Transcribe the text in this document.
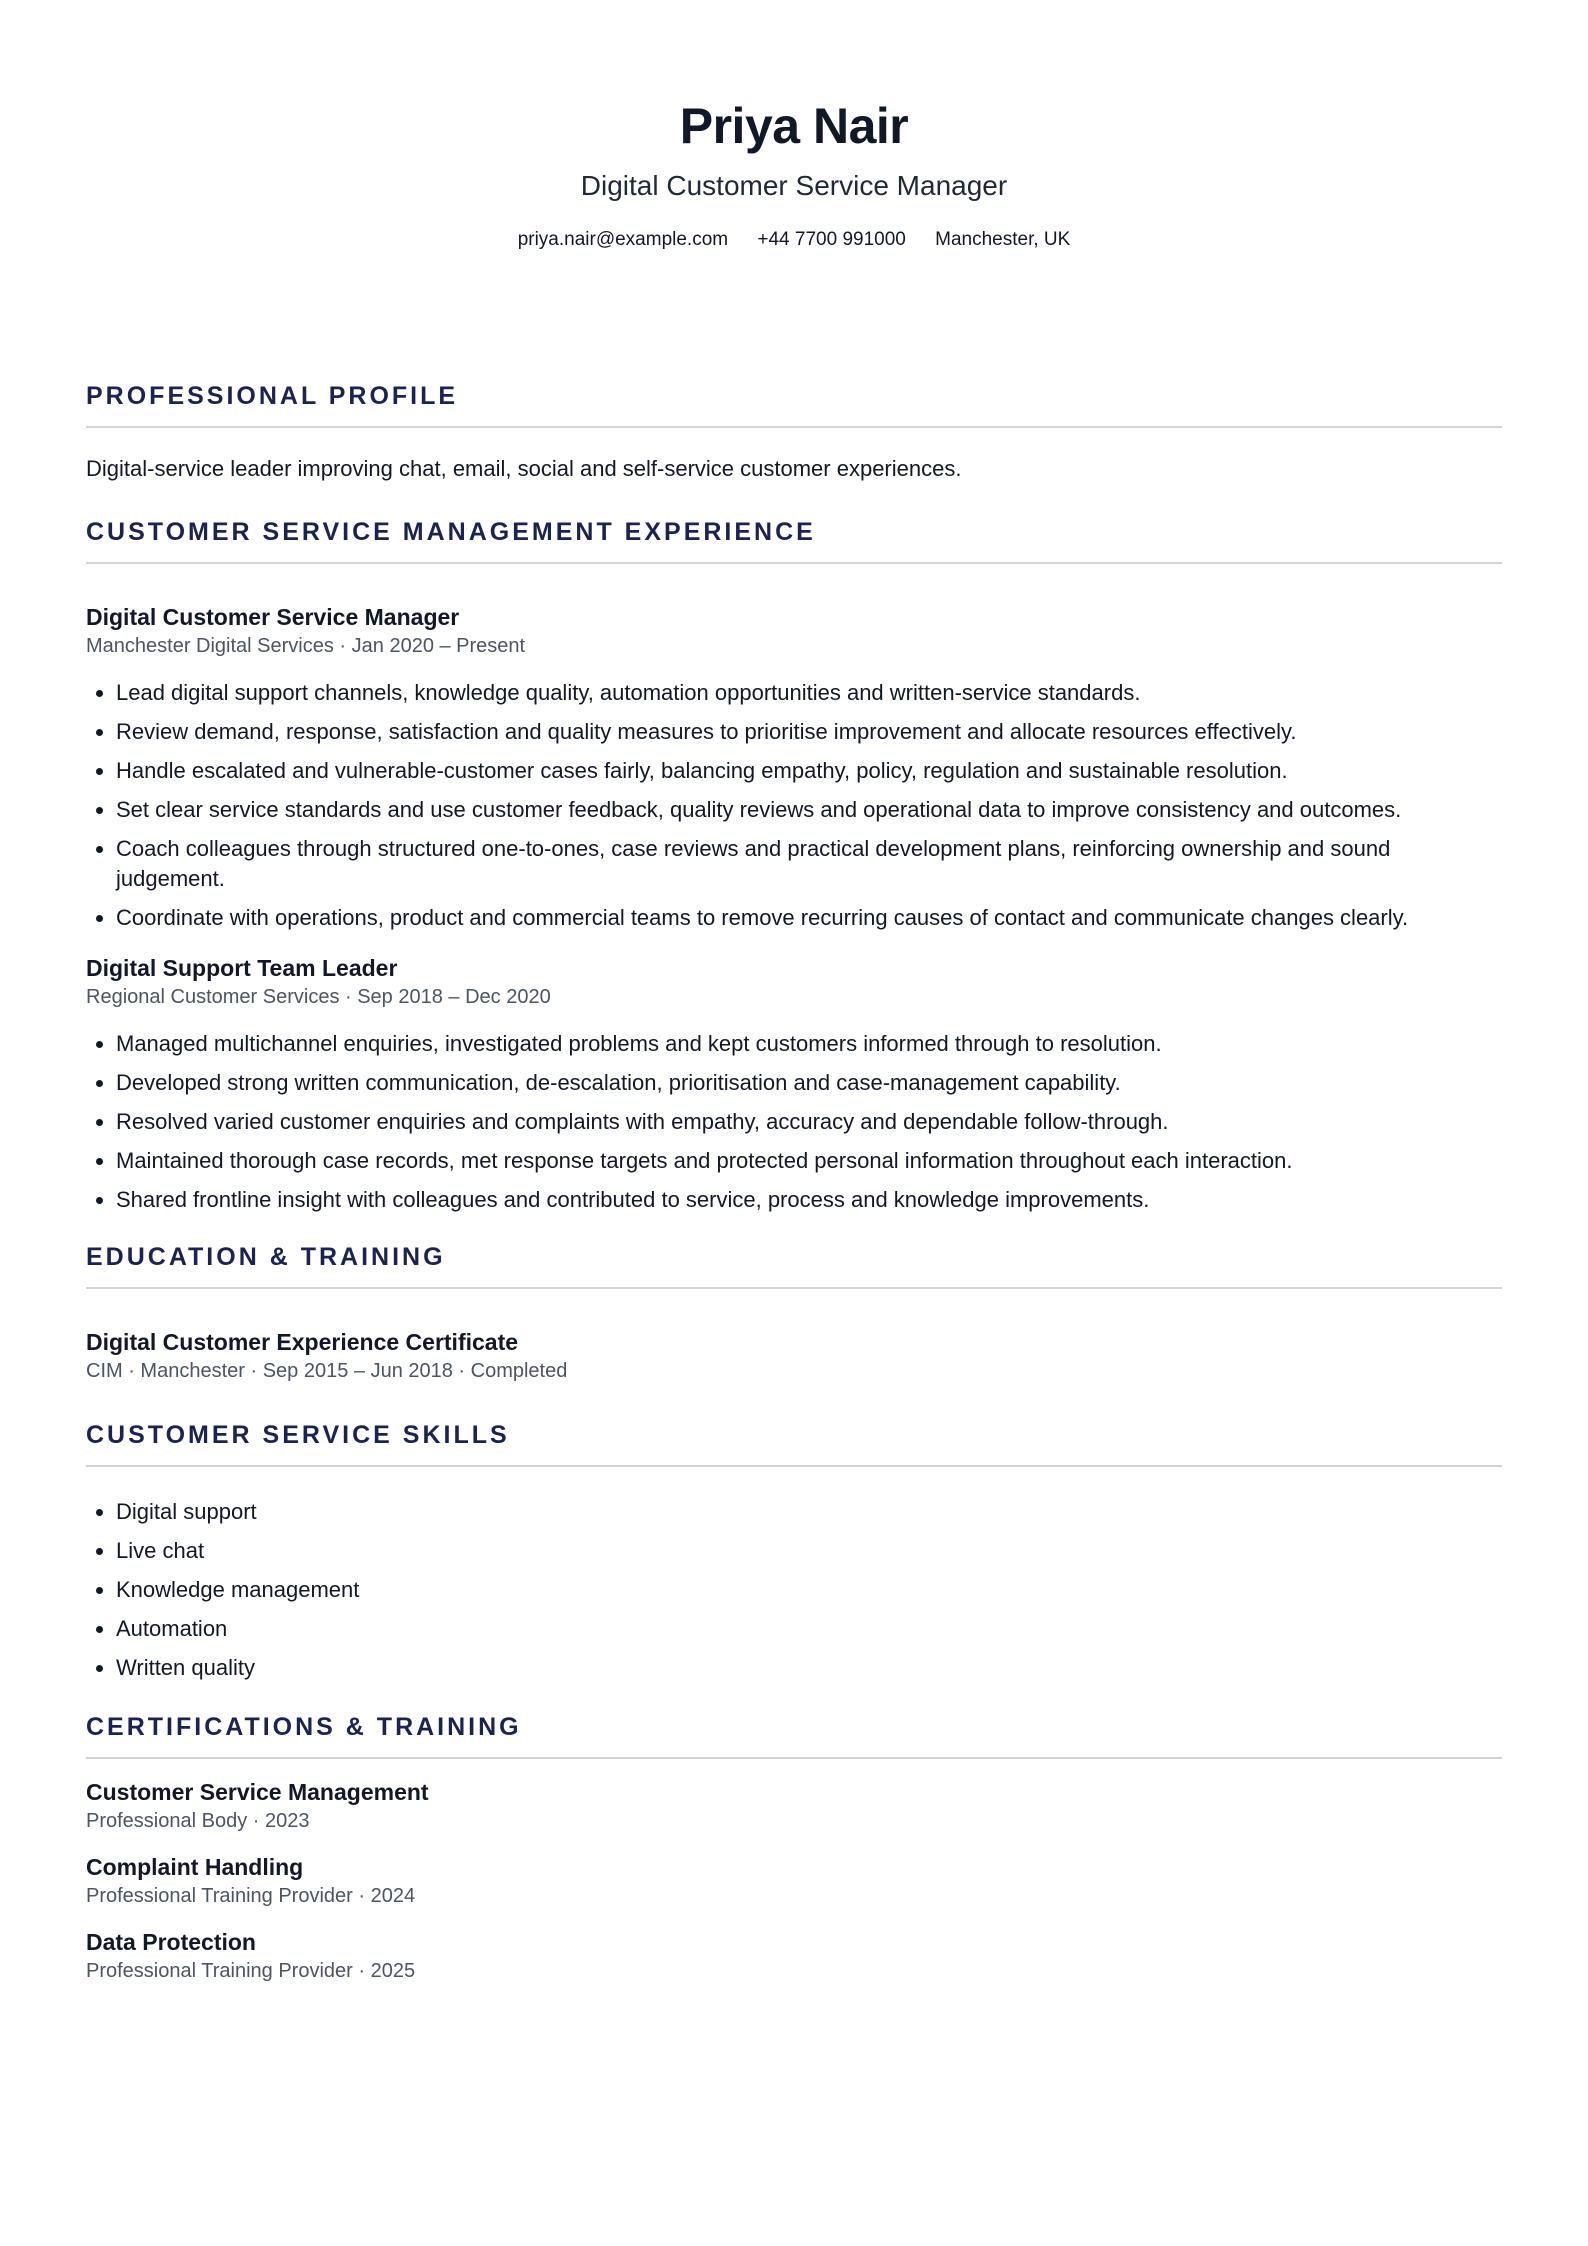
Priya Nair
Digital Customer Service Manager
priya.nair@example.com +44 7700 991000 Manchester, UK
PROFESSIONAL PROFILE
Digital-service leader improving chat, email, social and self-service customer experiences.
CUSTOMER SERVICE MANAGEMENT EXPERIENCE
Digital Customer Service Manager
Manchester Digital Services · Jan 2020 – Present
• Lead digital support channels, knowledge quality, automation opportunities and written-service standards.
• Review demand, response, satisfaction and quality measures to prioritise improvement and allocate resources effectively.
• Handle escalated and vulnerable-customer cases fairly, balancing empathy, policy, regulation and sustainable resolution.
• Set clear service standards and use customer feedback, quality reviews and operational data to improve consistency and outcomes.
• Coach colleagues through structured one-to-ones, case reviews and practical development plans, reinforcing ownership and sound judgement.
• Coordinate with operations, product and commercial teams to remove recurring causes of contact and communicate changes clearly.
Digital Support Team Leader
Regional Customer Services · Sep 2018 – Dec 2020
• Managed multichannel enquiries, investigated problems and kept customers informed through to resolution.
• Developed strong written communication, de-escalation, prioritisation and case-management capability.
• Resolved varied customer enquiries and complaints with empathy, accuracy and dependable follow-through.
• Maintained thorough case records, met response targets and protected personal information throughout each interaction.
• Shared frontline insight with colleagues and contributed to service, process and knowledge improvements.
EDUCATION & TRAINING
Digital Customer Experience Certificate
CIM · Manchester · Sep 2015 – Jun 2018 · Completed
CUSTOMER SERVICE SKILLS
• Digital support
• Live chat
• Knowledge management
• Automation
• Written quality
CERTIFICATIONS & TRAINING
Customer Service Management
Professional Body · 2023
Complaint Handling
Professional Training Provider · 2024
Data Protection
Professional Training Provider · 2025
